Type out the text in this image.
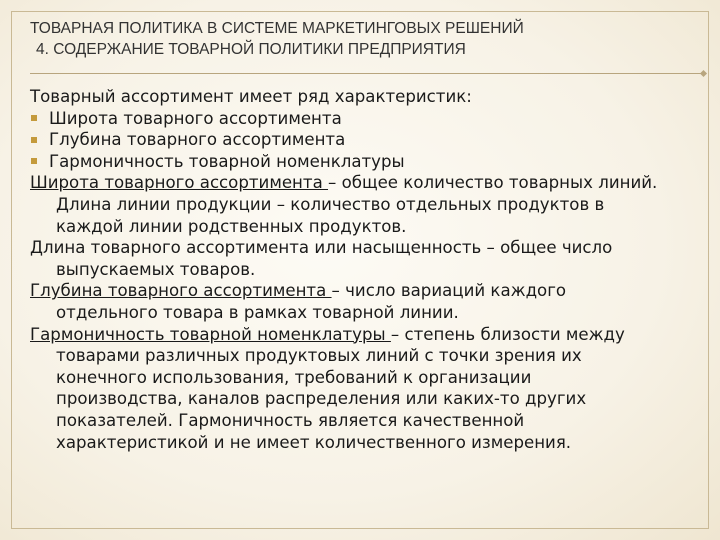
ТОВАРНАЯ ПОЛИТИКА В СИСТЕМЕ МАРКЕТИНГОВЫХ РЕШЕНИЙ
4. СОДЕРЖАНИЕ ТОВАРНОЙ ПОЛИТИКИ ПРЕДПРИЯТИЯ
Товарный ассортимент имеет ряд характеристик:
Широта товарного ассортимента
Глубина товарного ассортимента
Гармоничность товарной номенклатуры
Широта товарного ассортимента – общее количество товарных линий.
Длина линии продукции – количество отдельных продуктов в
каждой линии родственных продуктов.
Длина товарного ассортимента или насыщенность – общее число
выпускаемых товаров.
Глубина товарного ассортимента – число вариаций каждого
отдельного товара в рамках товарной линии.
Гармоничность товарной номенклатуры – степень близости между
товарами различных продуктовых линий с точки зрения их
конечного использования, требований к организации
производства, каналов распределения или каких-то других
показателей. Гармоничность является качественной
характеристикой и не имеет количественного измерения.
